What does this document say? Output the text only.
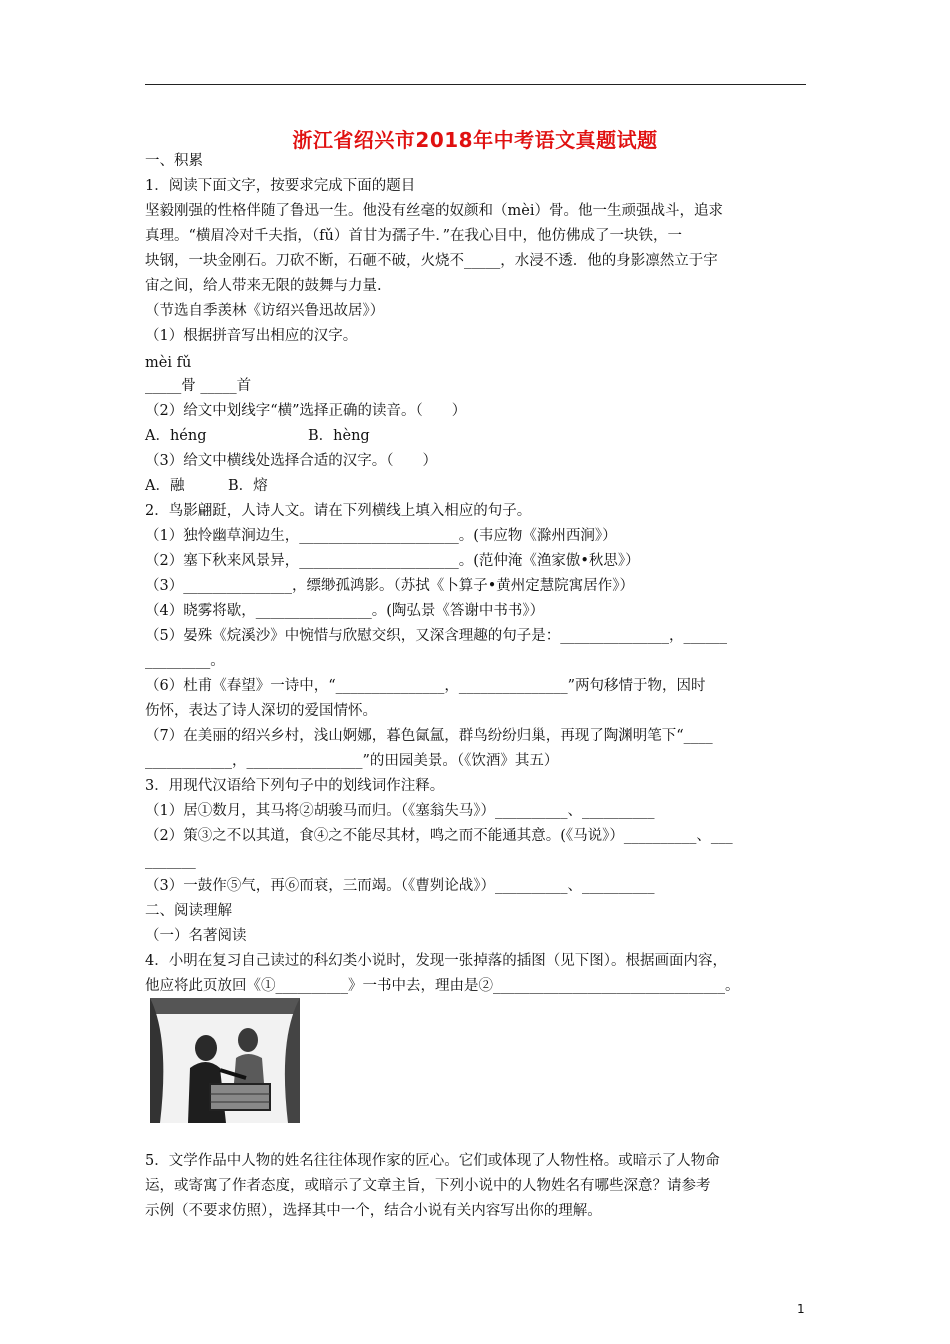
浙江省绍兴市2018年中考语文真题试题
一、积累
1．阅读下面文字，按要求完成下面的题目
坚毅刚强的性格伴随了鲁迅一生。他没有丝毫的奴颜和（mèi）骨。他一生顽强战斗，追求
真理。“横眉冷对千夫指，（fǔ）首甘为孺子牛．”在我心目中，他仿佛成了一块铁，一
块钢，一块金刚石。刀砍不断，石砸不破，火烧不_____，水浸不透．他的身影凛然立于宇
宙之间，给人带来无限的鼓舞与力量.
（节选自季羡林《访绍兴鲁迅故居》）
（1）根据拼音写出相应的汉字。
mèi fǔ
_____骨 _____首
（2）给文中划线字“横”选择正确的读音。（　　）
A．héng　　　　　　　B．hèng
（3）给文中横线处选择合适的汉字。（　　）
A．融　　　B．熔
2．鸟影翩跹，人诗人文。请在下列横线上填入相应的句子。
（1）独怜幽草涧边生，______________________。(韦应物《滁州西涧》）
（2）塞下秋来风景异，______________________。(范仲淹《渔家傲•秋思》）
（3）_______________，缥缈孤鸿影。（苏拭《卜算子•黄州定慧院寓居作》）
（4）晓雾将歇，________________。(陶弘景《答谢中书书》）
（5）晏殊《烷溪沙》中惋惜与欣慰交织，又深含理趣的句子是：_______________，______
_________。
（6）杜甫《春望》一诗中，“_______________，_______________”两句移情于物，因时
伤怀，表达了诗人深切的爱国情怀。
（7）在美丽的绍兴乡村，浅山婀娜，暮色氤氲，群鸟纷纷归巢，再现了陶渊明笔下“____
____________，________________”的田园美景。（《饮酒》其五）
3．用现代汉语给下列句子中的划线词作注释。
（1）居①数月，其马将②胡骏马而归。（《塞翁失马》）__________、__________
（2）策③之不以其道，食④之不能尽其材，鸣之而不能通其意。(《马说》）__________、___
_______
（3）一鼓作⑤气，再⑥而衰，三而竭。（《曹刿论战》）__________、__________
二、阅读理解
（一）名著阅读
4．小明在复习自己读过的科幻类小说时，发现一张掉落的插图（见下图）。根据画面内容，
他应将此页放回《①__________》一书中去，理由是②________________________________。
5．文学作品中人物的姓名往往体现作家的匠心。它们或体现了人物性格。或暗示了人物命
运，或寄寓了作者态度，或暗示了文章主旨，下列小说中的人物姓名有哪些深意？请参考
示例（不要求仿照），选择其中一个，结合小说有关内容写出你的理解。
1
